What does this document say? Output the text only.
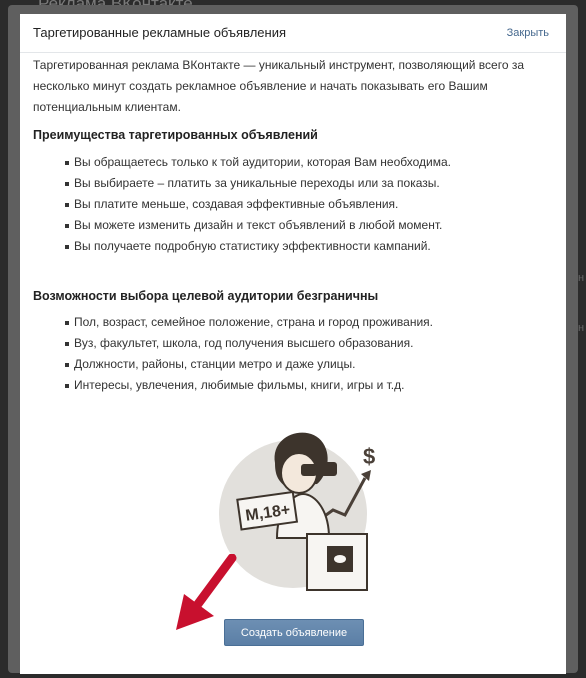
н
н
Таргетированные рекламные объявления	Закрыть
Таргетированная реклама ВКонтакте — уникальный инструмент, позволяющий всего за несколько минут создать рекламное объявление и начать показывать его Вашим потенциальным клиентам.
Преимущества таргетированных объявлений
Вы обращаетесь только к той аудитории, которая Вам необходима.
Вы выбираете – платить за уникальные переходы или за показы.
Вы платите меньше, создавая эффективные объявления.
Вы можете изменить дизайн и текст объявлений в любой момент.
Вы получаете подробную статистику эффективности кампаний.
Возможности выбора целевой аудитории безграничны
Пол, возраст, семейное положение, страна и город проживания.
Вуз, факультет, школа, год получения высшего образования.
Должности, районы, станции метро и даже улицы.
Интересы, увлечения, любимые фильмы, книги, игры и т.д.
$
М,18+
Создать объявление
